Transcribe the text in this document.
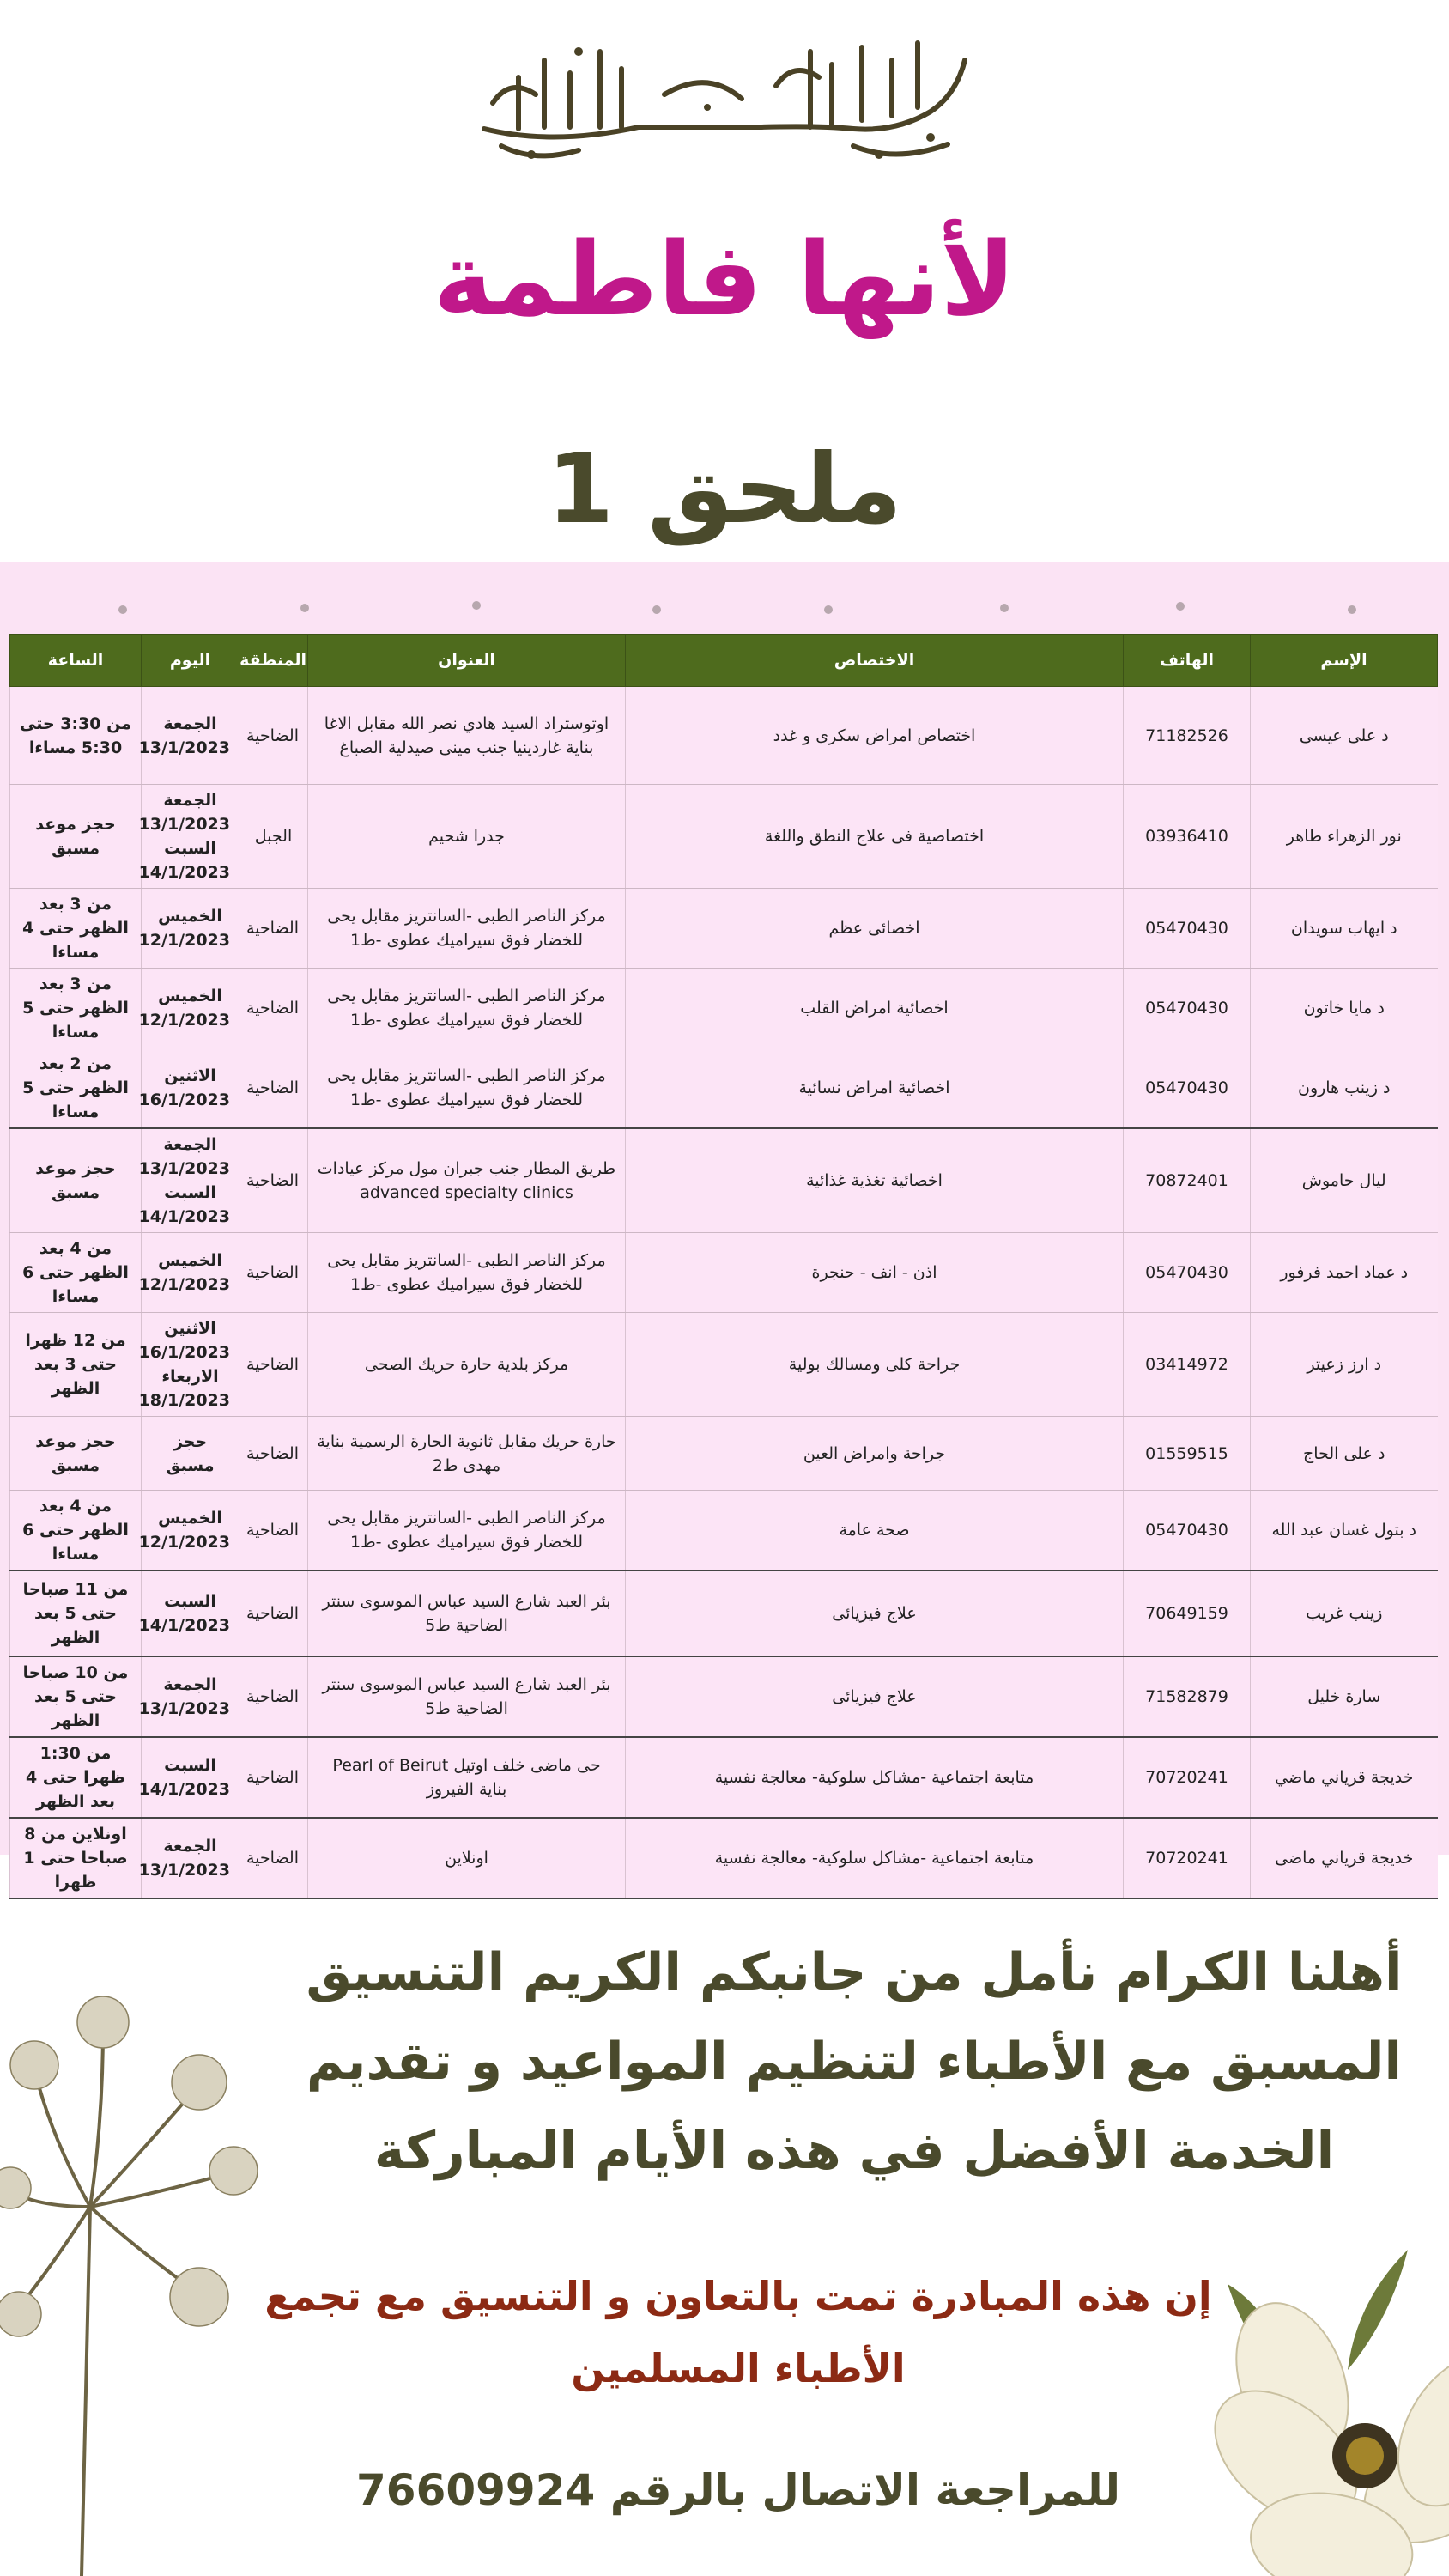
لأنها فاطمة
ملحق 1
الإسم	الهاتف	الاختصاص	العنوان	المنطقة	اليوم	الساعة
د على عيسى	71182526	اختصاص امراض سكرى و غدد	اوتوستراد السيد هادي نصر الله مقابل الاغا بناية غاردينيا جنب مينى صيدلية الصباغ	الضاحية	الجمعة 13/1/2023	من 3:30 حتى 5:30 مساءا
نور الزهراء طاهر	03936410	اختصاصية فى علاج النطق واللغة	جدرا شحيم	الجبل	الجمعة 13/1/2023 السبت 14/1/2023	حجز موعد مسبق
د ايهاب سويدان	05470430	اخصائى عظم	مركز الناصر الطبى -السانتريز مقابل يحى للخضار فوق سيراميك عطوى -ط1	الضاحية	الخميس 12/1/2023	من 3 بعد الظهر حتى 4 مساءا
د مايا خاتون	05470430	اخصائية امراض القلب	مركز الناصر الطبى -السانتريز مقابل يحى للخضار فوق سيراميك عطوى -ط1	الضاحية	الخميس 12/1/2023	من 3 بعد الظهر حتى 5 مساءا
د زينب هارون	05470430	اخصائية امراض نسائية	مركز الناصر الطبى -السانتريز مقابل يحى للخضار فوق سيراميك عطوى -ط1	الضاحية	الاثنين 16/1/2023	من 2 بعد الظهر حتى 5 مساءا
ليال حاموش	70872401	اخصائية تغذية غذائية	طريق المطار جنب جبران مول مركز عيادات advanced specialty clinics	الضاحية	الجمعة 13/1/2023 السبت 14/1/2023	حجز موعد مسبق
د عماد احمد فرفور	05470430	اذن - انف - حنجرة	مركز الناصر الطبى -السانتريز مقابل يحى للخضار فوق سيراميك عطوى -ط1	الضاحية	الخميس 12/1/2023	من 4 بعد الظهر حتى 6 مساءا
د ارز زعيتر	03414972	جراحة كلى ومسالك بولية	مركز بلدية حارة حريك الصحى	الضاحية	الاثنين 16/1/2023 الاربعاء 18/1/2023	من 12 ظهرا حتى 3 بعد الظهر
د على الحاج	01559515	جراحة وامراض العين	حارة حريك مقابل ثانوية الحارة الرسمية بناية مهدى ط2	الضاحية	حجز مسبق	حجز موعد مسبق
د بتول غسان عبد الله	05470430	صحة عامة	مركز الناصر الطبى -السانتريز مقابل يحى للخضار فوق سيراميك عطوى -ط1	الضاحية	الخميس 12/1/2023	من 4 بعد الظهر حتى 6 مساءا
زينب غريب	70649159	علاج فيزيائى	بئر العبد شارع السيد عباس الموسوى سنتر الضاحية ط5	الضاحية	السبت 14/1/2023	من 11 صباحا حتى 5 بعد الظهر
سارة خليل	71582879	علاج فيزيائى	بئر العبد شارع السيد عباس الموسوى سنتر الضاحية ط5	الضاحية	الجمعة 13/1/2023	من 10 صباحا حتى 5 بعد الظهر
خديجة قرياني ماضي	70720241	متابعة اجتماعية -مشاكل سلوكية- معالجة نفسية	حى ماضى خلف اوتيل Pearl of Beirut بناية الفيروز	الضاحية	السبت 14/1/2023	من 1:30 ظهرا حتى 4 بعد الظهر
خديجة قرياني ماضى	70720241	متابعة اجتماعية -مشاكل سلوكية- معالجة نفسية	اونلاين	الضاحية	الجمعة 13/1/2023	اونلاين من 8 صباحا حتى 1 ظهرا
أهلنا الكرام نأمل من جانبكم الكريم التنسيق المسبق مع الأطباء لتنظيم المواعيد و تقديم الخدمة الأفضل في هذه الأيام المباركة
إن هذه المبادرة تمت بالتعاون و التنسيق مع تجمع الأطباء المسلمين
للمراجعة الاتصال بالرقم 76609924
